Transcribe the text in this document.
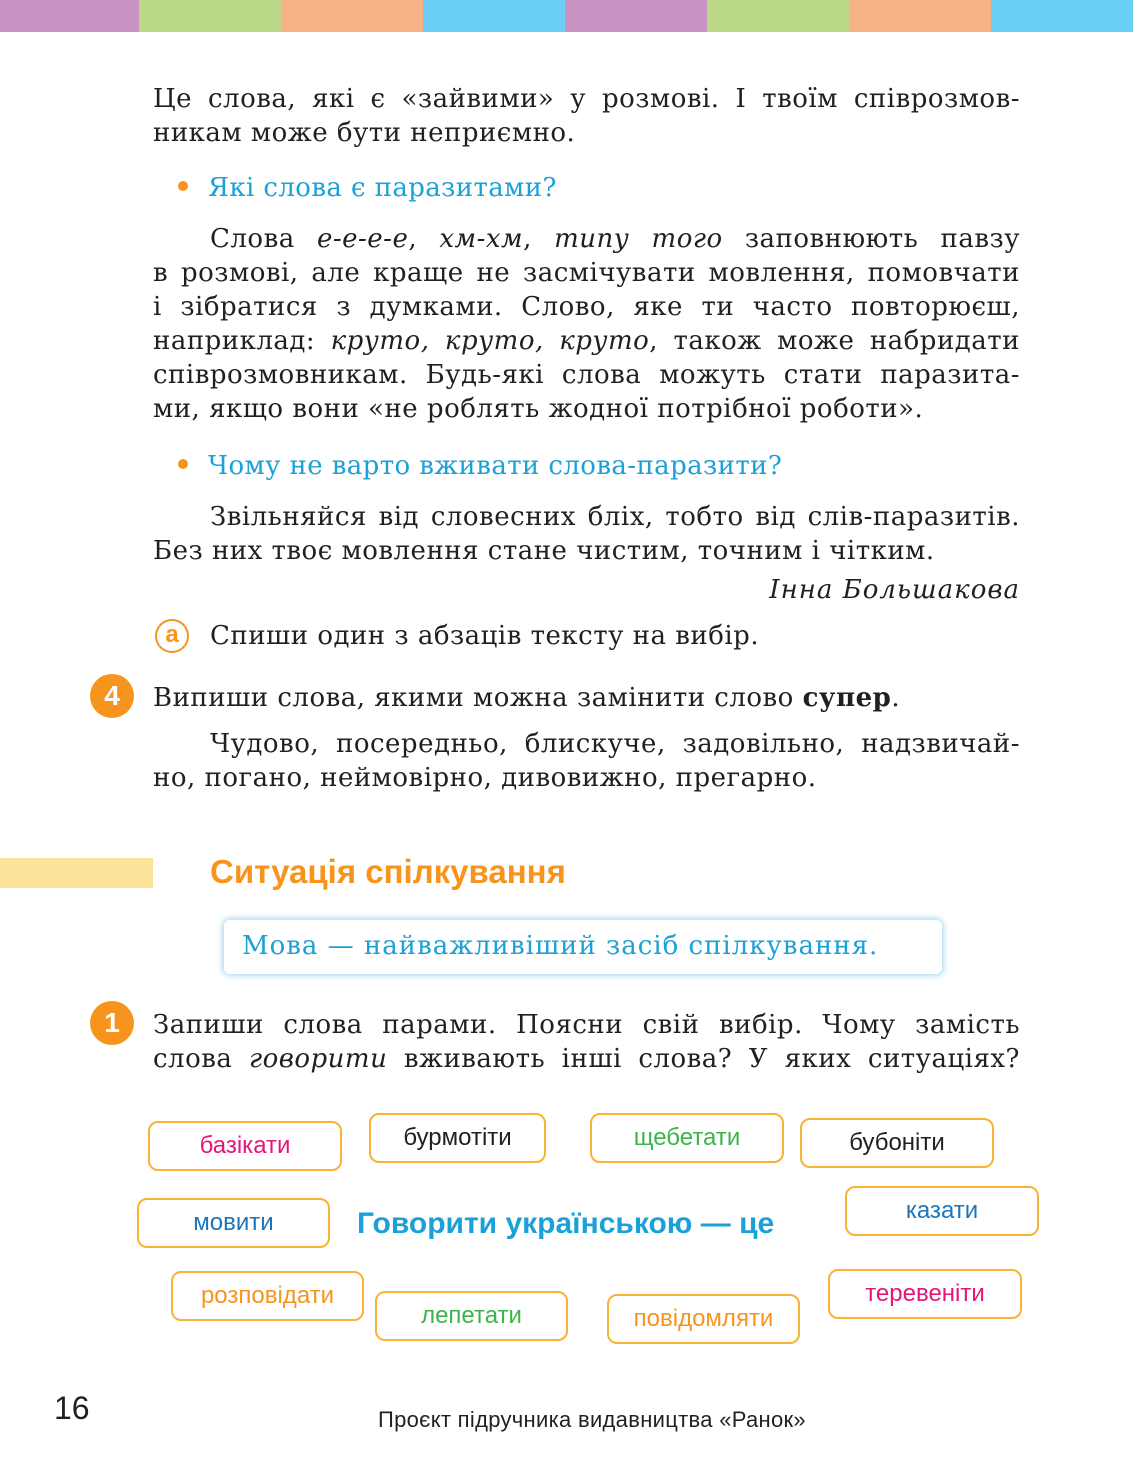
Це слова, які є «зайвими» у розмові. І твоїм співрозмов-
никам може бути неприємно.
Які слова є паразитами?
Слова е-е-е-е, хм-хм, типу того заповнюють павзу
в розмові, але краще не засмічувати мовлення, помовчати
і зібратися з думками. Слово, яке ти часто повторюєш,
наприклад: круто, круто, круто, також може набридати
співрозмовникам. Будь-які слова можуть стати паразита-
ми, якщо вони «не роблять жодної потрібної роботи».
Чому не варто вживати слова-паразити?
Звільняйся від словесних бліх, тобто від слів-паразитів.
Без них твоє мовлення стане чистим, точним і чітким.
Інна Большакова
а	Спиши один з абзаців тексту на вибір.
4	Випиши слова, якими можна замінити слово супер.
Чудово, посередньо, блискуче, задовільно, надзвичай-
но, погано, неймовірно, дивовижно, прегарно.
Ситуація спілкування
Мова — найважливіший засіб спілкування.
1	Запиши слова парами. Поясни свій вибір. Чому замість
слова говорити вживають інші слова? У яких ситуаціях?
базікати	бурмотіти	щебетати	бубоніти
мовити	казати
розповідати
лепетати	повідомляти
теревеніти
Говорити українською — це
16	Проєкт підручника видавництва «Ранок»
